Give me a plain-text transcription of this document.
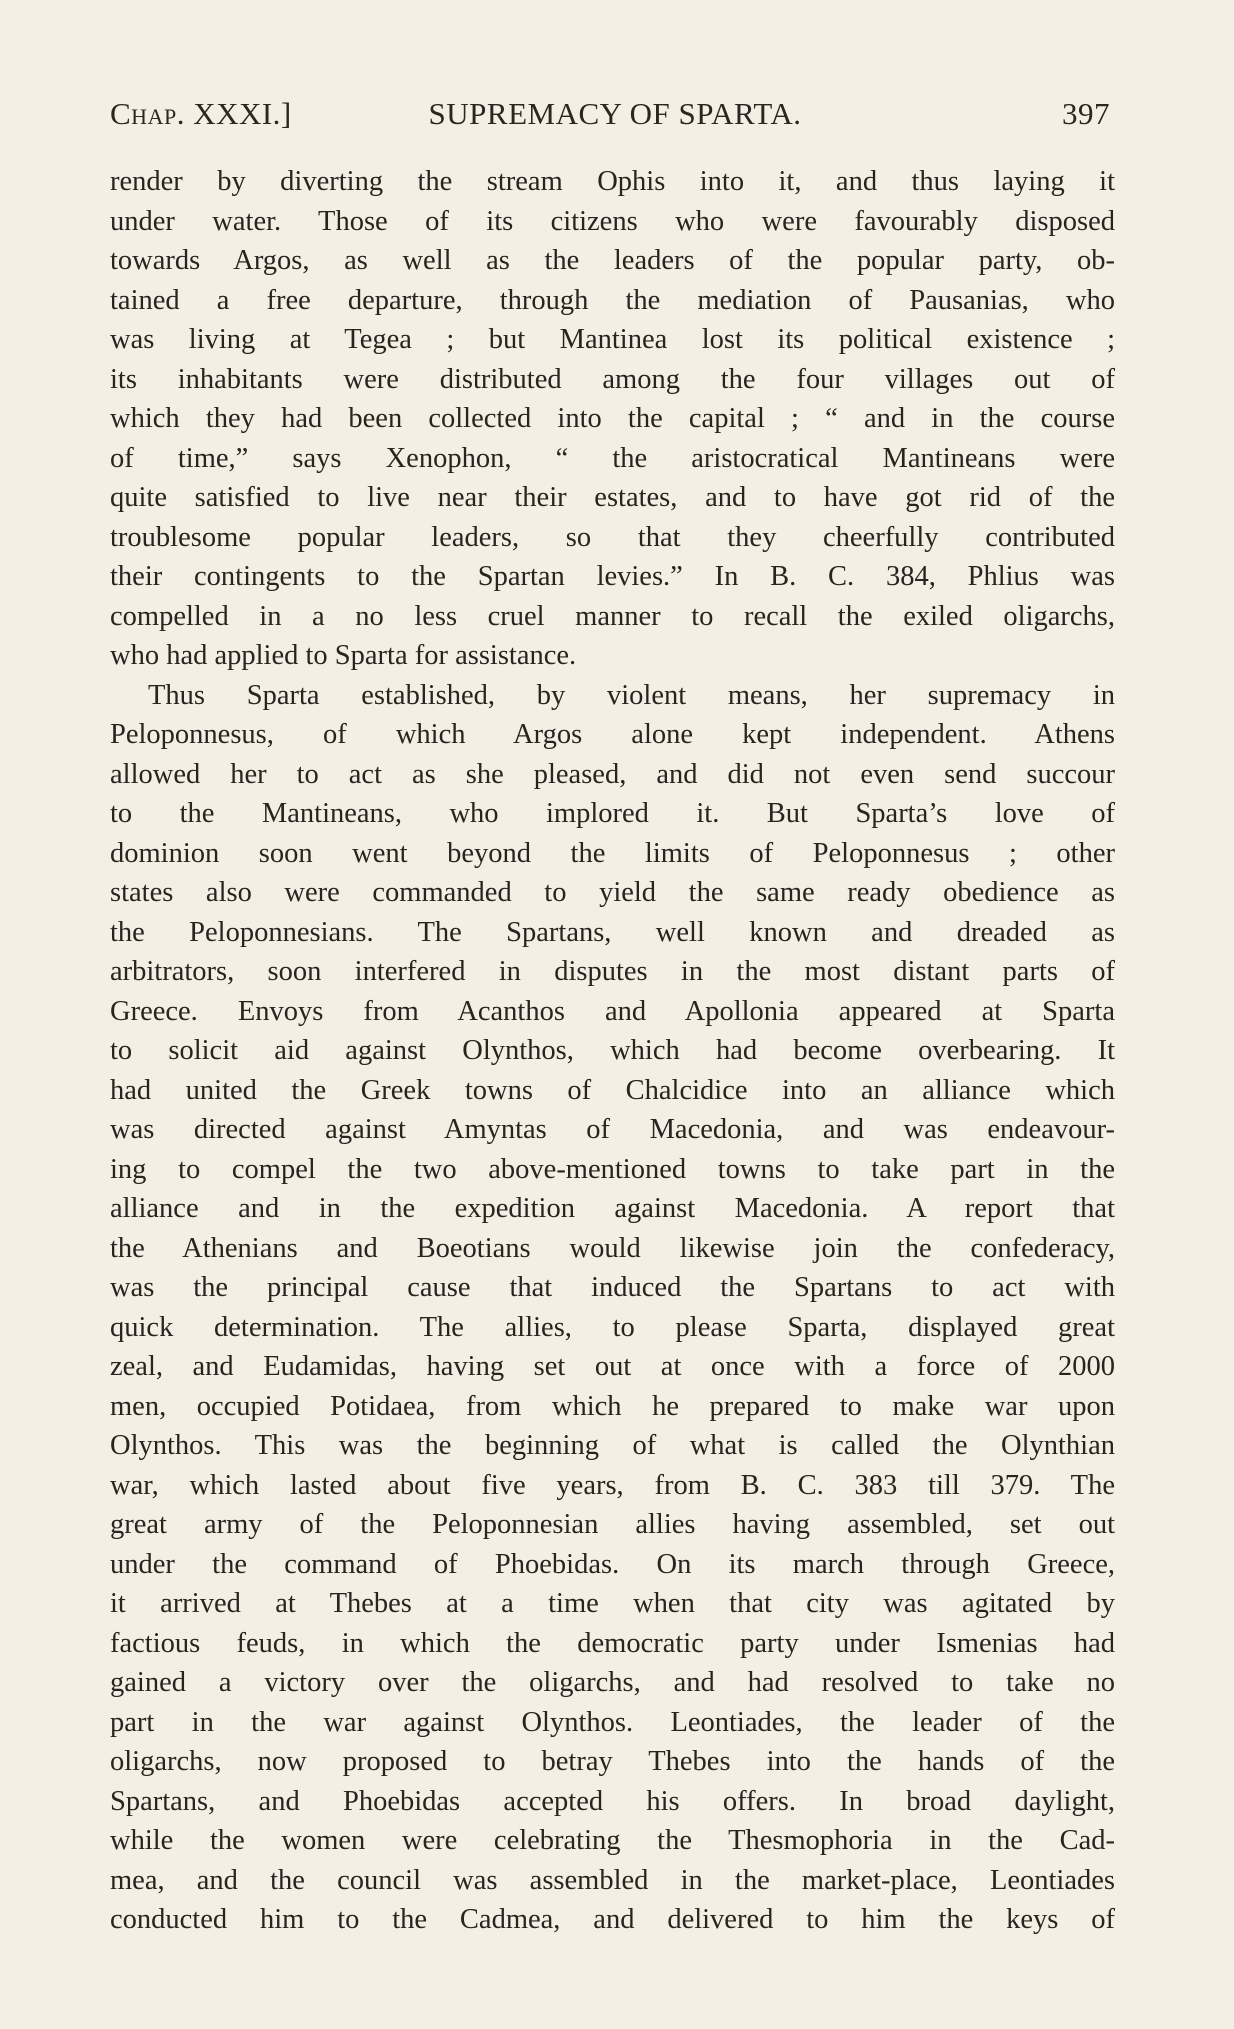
Chap. XXXI.]	SUPREMACY OF SPARTA.	397
render by diverting the stream Ophis into it, and thus laying it
under water. Those of its citizens who were favourably disposed
towards Argos, as well as the leaders of the popular party, ob-
tained a free departure, through the mediation of Pausanias, who
was living at Tegea ; but Mantinea lost its political existence ;
its inhabitants were distributed among the four villages out of
which they had been collected into the capital ; “ and in the course
of time,” says Xenophon, “ the aristocratical Mantineans were
quite satisfied to live near their estates, and to have got rid of the
troublesome popular leaders, so that they cheerfully contributed
their contingents to the Spartan levies.” In B. C. 384, Phlius was
compelled in a no less cruel manner to recall the exiled oligarchs,
who had applied to Sparta for assistance.
Thus Sparta established, by violent means, her supremacy in
Peloponnesus, of which Argos alone kept independent. Athens
allowed her to act as she pleased, and did not even send succour
to the Mantineans, who implored it. But Sparta’s love of
dominion soon went beyond the limits of Peloponnesus ; other
states also were commanded to yield the same ready obedience as
the Peloponnesians. The Spartans, well known and dreaded as
arbitrators, soon interfered in disputes in the most distant parts of
Greece. Envoys from Acanthos and Apollonia appeared at Sparta
to solicit aid against Olynthos, which had become overbearing. It
had united the Greek towns of Chalcidice into an alliance which
was directed against Amyntas of Macedonia, and was endeavour-
ing to compel the two above-mentioned towns to take part in the
alliance and in the expedition against Macedonia. A report that
the Athenians and Boeotians would likewise join the confederacy,
was the principal cause that induced the Spartans to act with
quick determination. The allies, to please Sparta, displayed great
zeal, and Eudamidas, having set out at once with a force of 2000
men, occupied Potidaea, from which he prepared to make war upon
Olynthos. This was the beginning of what is called the Olynthian
war, which lasted about five years, from B. C. 383 till 379. The
great army of the Peloponnesian allies having assembled, set out
under the command of Phoebidas. On its march through Greece,
it arrived at Thebes at a time when that city was agitated by
factious feuds, in which the democratic party under Ismenias had
gained a victory over the oligarchs, and had resolved to take no
part in the war against Olynthos. Leontiades, the leader of the
oligarchs, now proposed to betray Thebes into the hands of the
Spartans, and Phoebidas accepted his offers. In broad daylight,
while the women were celebrating the Thesmophoria in the Cad-
mea, and the council was assembled in the market-place, Leontiades
conducted him to the Cadmea, and delivered to him the keys of
